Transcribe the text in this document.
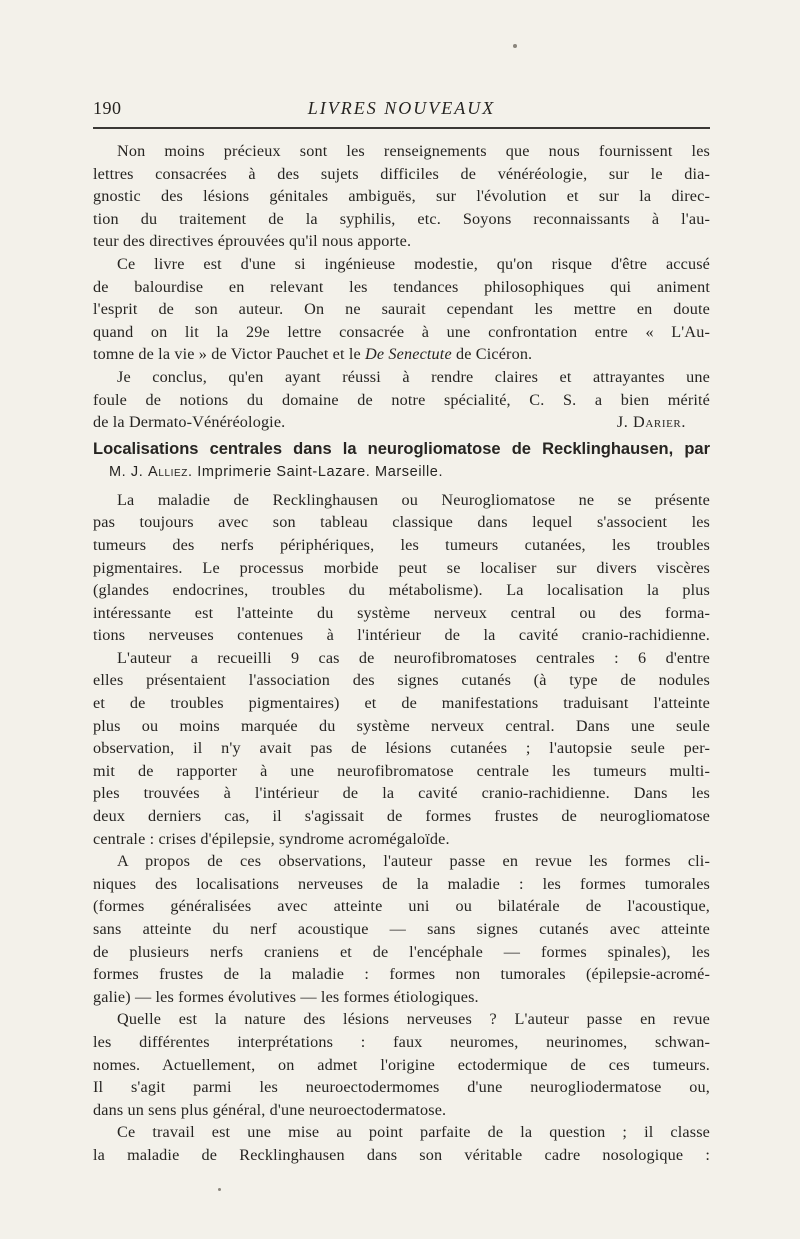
190	LIVRES NOUVEAUX
Non moins précieux sont les renseignements que nous fournissent les
lettres consacrées à des sujets difficiles de vénéréologie, sur le dia-
gnostic des lésions génitales ambiguës, sur l'évolution et sur la direc-
tion du traitement de la syphilis, etc. Soyons reconnaissants à l'au-
teur des directives éprouvées qu'il nous apporte.
Ce livre est d'une si ingénieuse modestie, qu'on risque d'être accusé
de balourdise en relevant les tendances philosophiques qui animent
l'esprit de son auteur. On ne saurait cependant les mettre en doute
quand on lit la 29e lettre consacrée à une confrontation entre « L'Au-
tomne de la vie » de Victor Pauchet et le De Senectute de Cicéron.
Je conclus, qu'en ayant réussi à rendre claires et attrayantes une
foule de notions du domaine de notre spécialité, C. S. a bien mérité
de la Dermato-Vénéréologie.	J. Darier.
Localisations centrales dans la neurogliomatose de Recklinghausen, par
M. J. Alliez. Imprimerie Saint-Lazare. Marseille.
La maladie de Recklinghausen ou Neurogliomatose ne se présente
pas toujours avec son tableau classique dans lequel s'associent les
tumeurs des nerfs périphériques, les tumeurs cutanées, les troubles
pigmentaires. Le processus morbide peut se localiser sur divers viscères
(glandes endocrines, troubles du métabolisme). La localisation la plus
intéressante est l'atteinte du système nerveux central ou des forma-
tions nerveuses contenues à l'intérieur de la cavité cranio-rachidienne.
L'auteur a recueilli 9 cas de neurofibromatoses centrales : 6 d'entre
elles présentaient l'association des signes cutanés (à type de nodules
et de troubles pigmentaires) et de manifestations traduisant l'atteinte
plus ou moins marquée du système nerveux central. Dans une seule
observation, il n'y avait pas de lésions cutanées ; l'autopsie seule per-
mit de rapporter à une neurofibromatose centrale les tumeurs multi-
ples trouvées à l'intérieur de la cavité cranio-rachidienne. Dans les
deux derniers cas, il s'agissait de formes frustes de neurogliomatose
centrale : crises d'épilepsie, syndrome acromégaloïde.
A propos de ces observations, l'auteur passe en revue les formes cli-
niques des localisations nerveuses de la maladie : les formes tumorales
(formes généralisées avec atteinte uni ou bilatérale de l'acoustique,
sans atteinte du nerf acoustique — sans signes cutanés avec atteinte
de plusieurs nerfs craniens et de l'encéphale — formes spinales), les
formes frustes de la maladie : formes non tumorales (épilepsie-acromé-
galie) — les formes évolutives — les formes étiologiques.
Quelle est la nature des lésions nerveuses ? L'auteur passe en revue
les différentes interprétations : faux neuromes, neurinomes, schwan-
nomes. Actuellement, on admet l'origine ectodermique de ces tumeurs.
Il s'agit parmi les neuroectodermomes d'une neurogliodermatose ou,
dans un sens plus général, d'une neuroectodermatose.
Ce travail est une mise au point parfaite de la question ; il classe
la maladie de Recklinghausen dans son véritable cadre nosologique :
